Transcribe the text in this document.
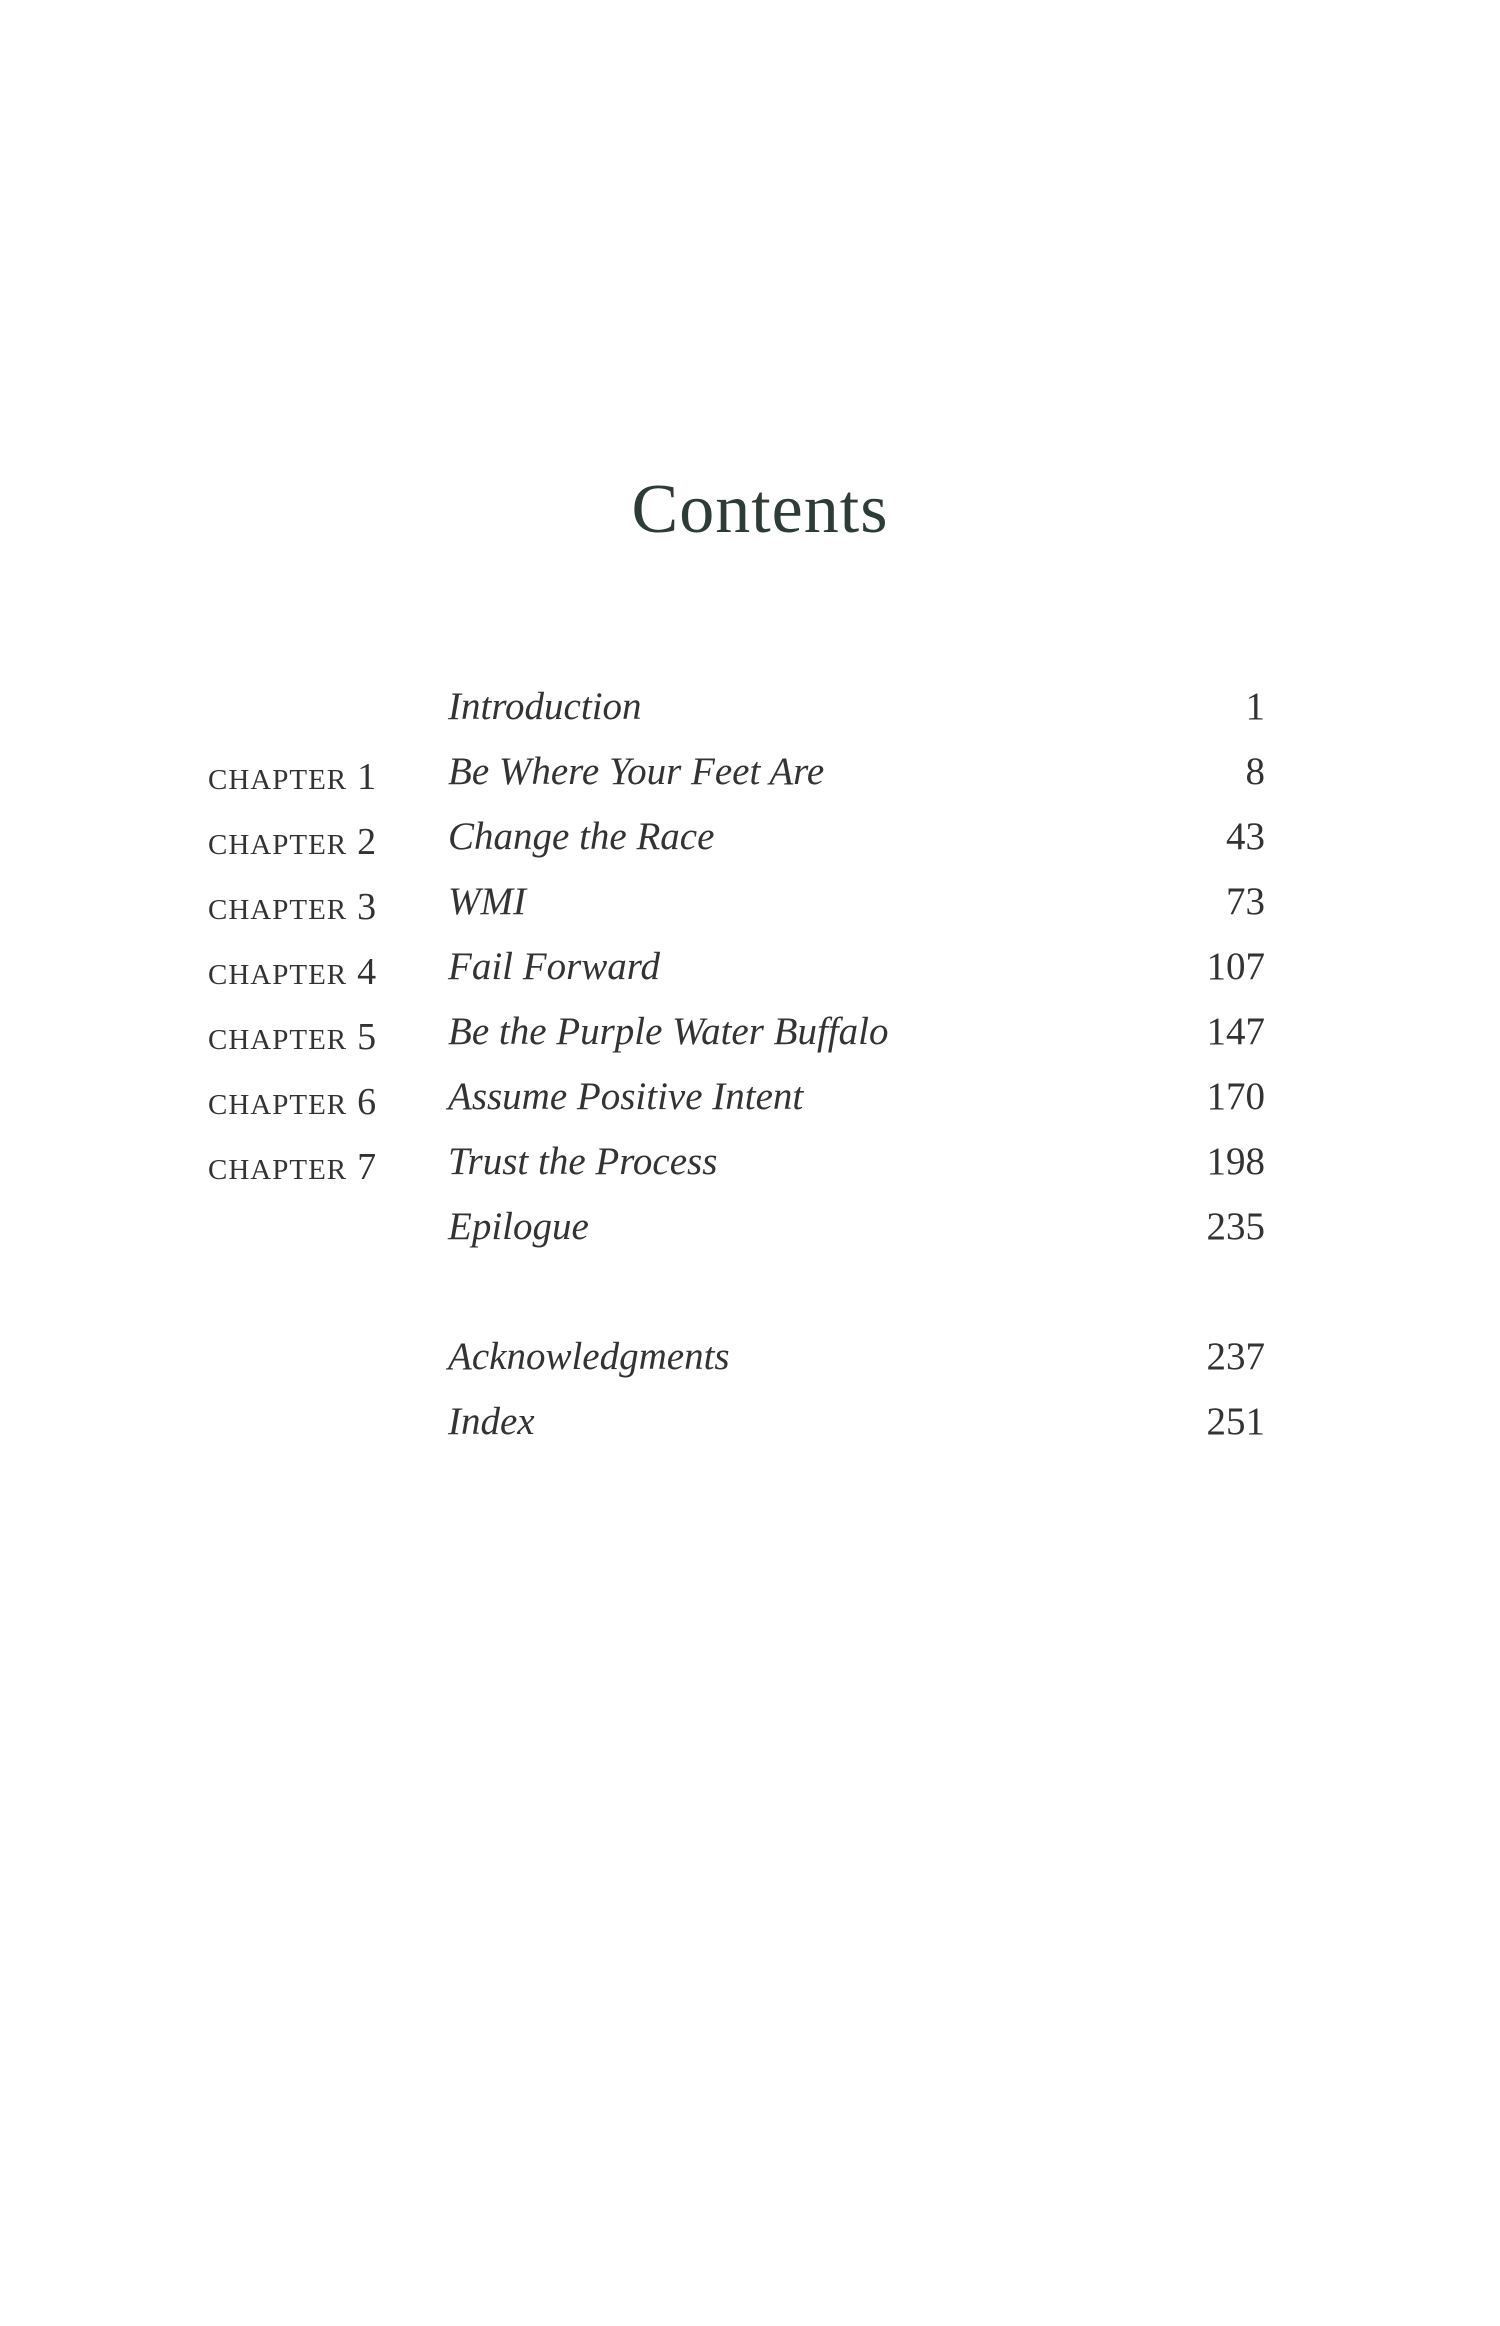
Contents
Introduction	1
CHAPTER 1 Be Where Your Feet Are	8
CHAPTER 2 Change the Race	43
CHAPTER 3 WMI	73
CHAPTER 4 Fail Forward	107
CHAPTER 5 Be the Purple Water Buffalo	147
CHAPTER 6 Assume Positive Intent	170
CHAPTER 7 Trust the Process	198
Epilogue	235
Acknowledgments	237
Index	251
